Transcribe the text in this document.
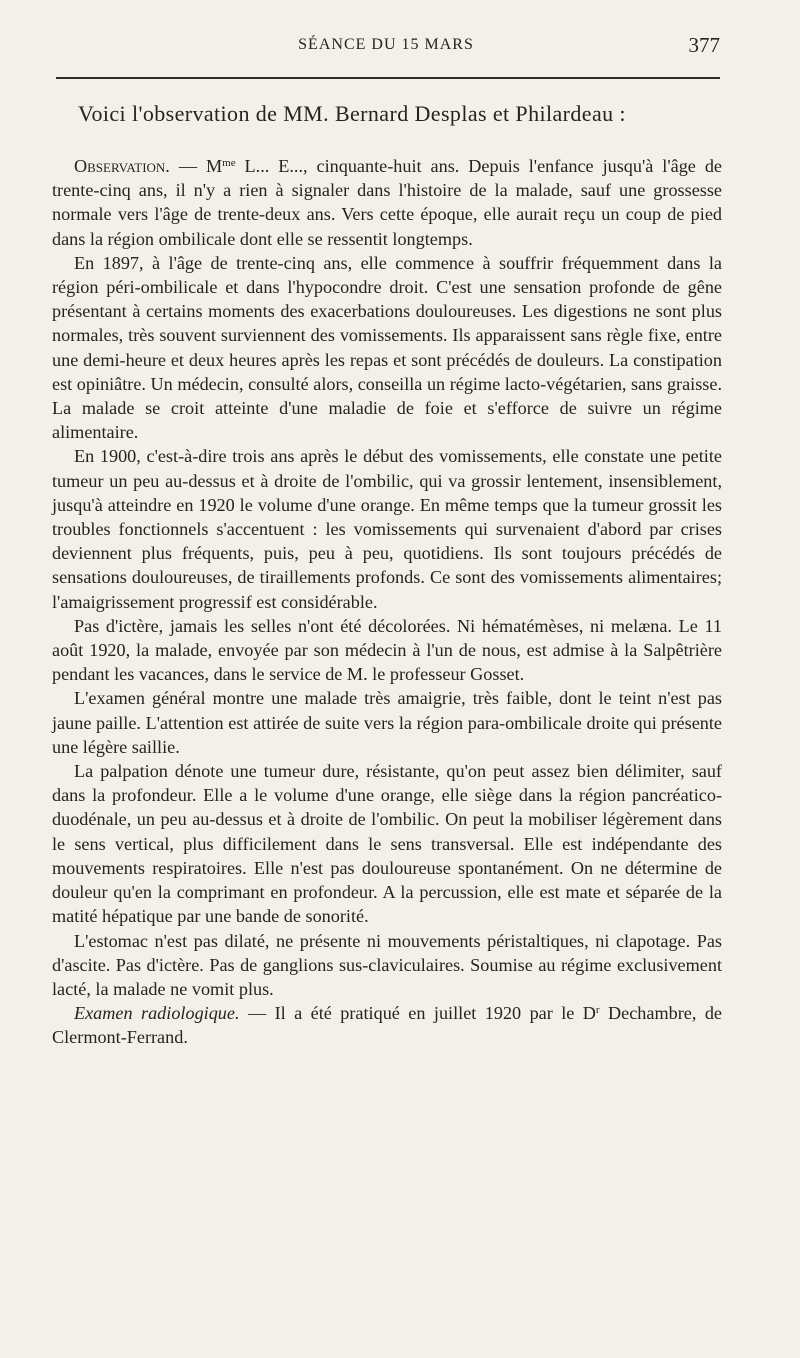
SÉANCE DU 15 MARS	377
Voici l'observation de MM. Bernard Desplas et Philardeau :

Observation. — $M^{me}$ L... E..., cinquante-huit ans. Depuis l'enfance jusqu'à l'âge de trente-cinq ans, il n'y a rien à signaler dans l'histoire de la malade, sauf une grossesse normale vers l'âge de trente-deux ans. Vers cette époque, elle aurait reçu un coup de pied dans la région ombilicale dont elle se ressentit longtemps.

En 1897, à l'âge de trente-cinq ans, elle commence à souffrir fréquemment dans la région péri-ombilicale et dans l'hypocondre droit. C'est une sensation profonde de gêne présentant à certains moments des exacerbations douloureuses. Les digestions ne sont plus normales, très souvent surviennent des vomissements. Ils apparaissent sans règle fixe, entre une demi-heure et deux heures après les repas et sont précédés de douleurs. La constipation est opiniâtre. Un médecin, consulté alors, conseilla un régime lacto-végétarien, sans graisse. La malade se croit atteinte d'une maladie de foie et s'efforce de suivre un régime alimentaire.

En 1900, c'est-à-dire trois ans après le début des vomissements, elle constate une petite tumeur un peu au-dessus et à droite de l'ombilic, qui va grossir lentement, insensiblement, jusqu'à atteindre en 1920 le volume d'une orange. En même temps que la tumeur grossit les troubles fonctionnels s'accentuent : les vomissements qui survenaient d'abord par crises deviennent plus fréquents, puis, peu à peu, quotidiens. Ils sont toujours précédés de sensations douloureuses, de tiraillements profonds. Ce sont des vomissements alimentaires; l'amaigrissement progressif est considérable.

Pas d'ictère, jamais les selles n'ont été décolorées. Ni hématémèses, ni melæna. Le 11 août 1920, la malade, envoyée par son médecin à l'un de nous, est admise à la Salpêtrière pendant les vacances, dans le service de M. le professeur Gosset.

L'examen général montre une malade très amaigrie, très faible, dont le teint n'est pas jaune paille. L'attention est attirée de suite vers la région para-ombilicale droite qui présente une légère saillie.

La palpation dénote une tumeur dure, résistante, qu'on peut assez bien délimiter, sauf dans la profondeur. Elle a le volume d'une orange, elle siège dans la région pancréatico-duodénale, un peu au-dessus et à droite de l'ombilic. On peut la mobiliser légèrement dans le sens vertical, plus difficilement dans le sens transversal. Elle est indépendante des mouvements respiratoires. Elle n'est pas douloureuse spontanément. On ne détermine de douleur qu'en la comprimant en profondeur. A la percussion, elle est mate et séparée de la matité hépatique par une bande de sonorité.

L'estomac n'est pas dilaté, ne présente ni mouvements péristaltiques, ni clapotage. Pas d'ascite. Pas d'ictère. Pas de ganglions sus-claviculaires. Soumise au régime exclusivement lacté, la malade ne vomit plus.

Examen radiologique. — Il a été pratiqué en juillet 1920 par le $D^r$ Dechambre, de Clermont-Ferrand.
